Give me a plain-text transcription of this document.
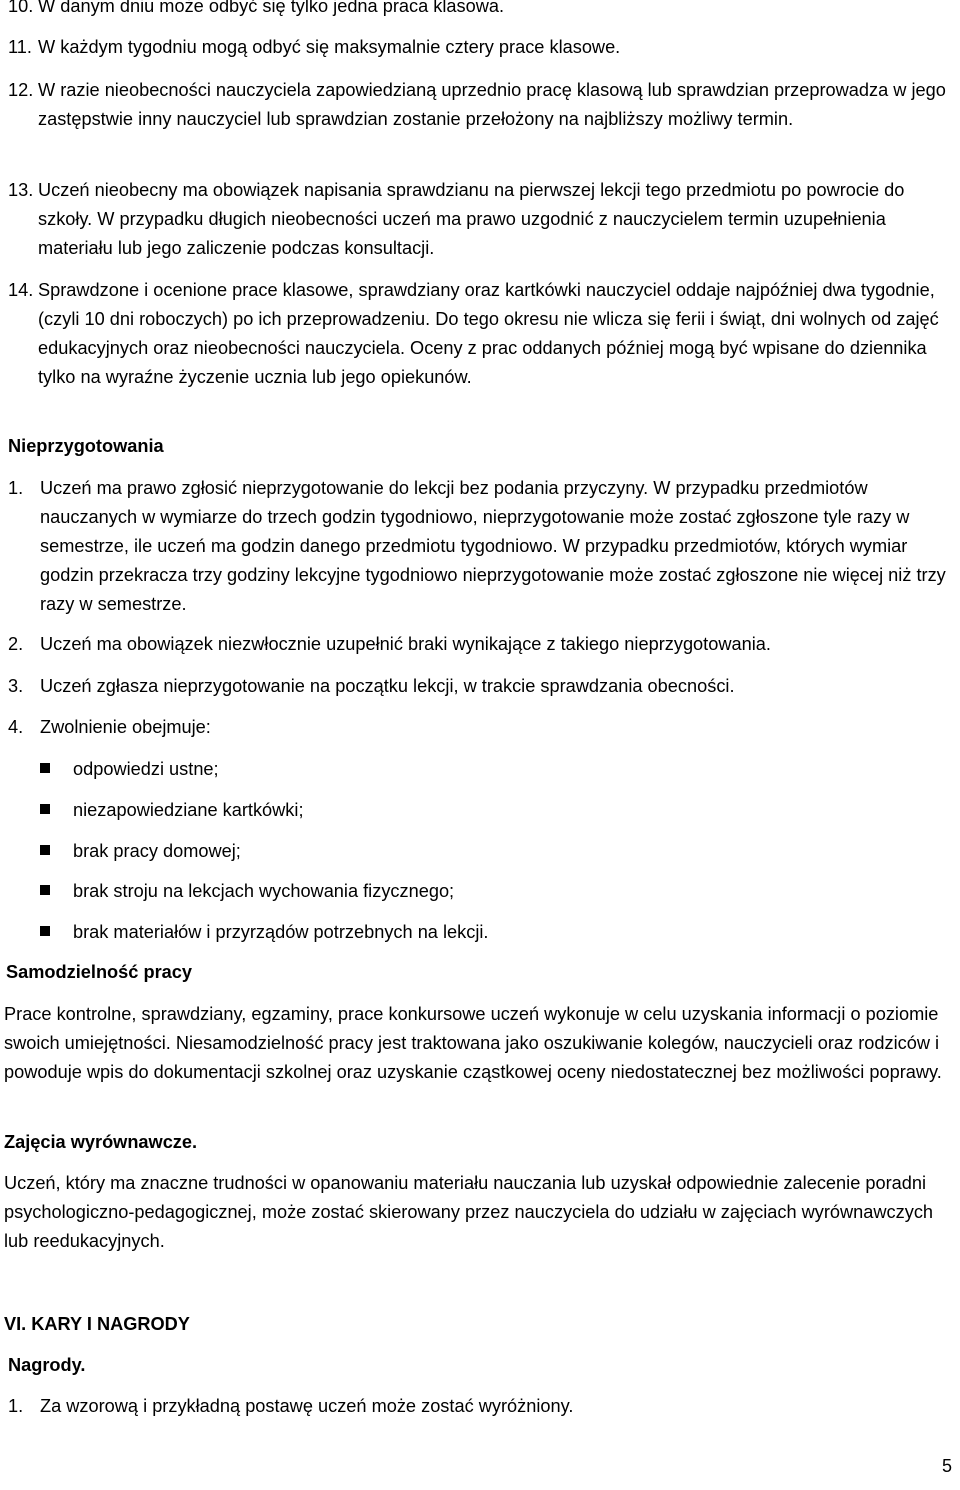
10. W danym dniu może odbyć się tylko jedna praca klasowa.
11. W każdym tygodniu mogą odbyć się maksymalnie cztery prace klasowe.
12. W razie nieobecności nauczyciela zapowiedzianą uprzednio pracę klasową lub sprawdzian przeprowadza w jego zastępstwie inny nauczyciel lub sprawdzian zostanie przełożony na najbliższy możliwy termin.
13. Uczeń nieobecny ma obowiązek napisania sprawdzianu na pierwszej lekcji tego przedmiotu po powrocie do szkoły. W przypadku długich nieobecności uczeń ma prawo uzgodnić z nauczycielem termin uzupełnienia materiału lub jego zaliczenie podczas konsultacji.
14. Sprawdzone i ocenione prace klasowe, sprawdziany oraz kartkówki nauczyciel oddaje najpóźniej dwa tygodnie, (czyli 10 dni roboczych) po ich przeprowadzeniu. Do tego okresu nie wlicza się ferii i świąt, dni wolnych od zajęć edukacyjnych oraz nieobecności nauczyciela. Oceny z prac oddanych później mogą być wpisane do dziennika tylko na wyraźne życzenie ucznia lub jego opiekunów.
Nieprzygotowania
1. Uczeń ma prawo zgłosić nieprzygotowanie do lekcji bez podania przyczyny. W przypadku przedmiotów nauczanych w wymiarze do trzech godzin tygodniowo, nieprzygotowanie może zostać zgłoszone tyle razy w semestrze, ile uczeń ma godzin danego przedmiotu tygodniowo. W przypadku przedmiotów, których wymiar godzin przekracza trzy godziny lekcyjne tygodniowo nieprzygotowanie może zostać zgłoszone nie więcej niż trzy razy w semestrze.
2. Uczeń ma obowiązek niezwłocznie uzupełnić braki wynikające z takiego nieprzygotowania.
3. Uczeń zgłasza nieprzygotowanie na początku lekcji, w trakcie sprawdzania obecności.
4. Zwolnienie obejmuje:
odpowiedzi ustne;
niezapowiedziane kartkówki;
brak pracy domowej;
brak stroju na lekcjach wychowania fizycznego;
brak materiałów i przyrządów potrzebnych na lekcji.
Samodzielność pracy
Prace kontrolne, sprawdziany, egzaminy, prace konkursowe uczeń wykonuje w celu uzyskania informacji o poziomie swoich umiejętności. Niesamodzielność pracy jest traktowana jako oszukiwanie kolegów, nauczycieli oraz rodziców i powoduje wpis do dokumentacji szkolnej oraz uzyskanie cząstkowej oceny niedostatecznej bez możliwości poprawy.
Zajęcia wyrównawcze.
Uczeń, który ma znaczne trudności w opanowaniu materiału nauczania lub uzyskał odpowiednie zalecenie poradni psychologiczno-pedagogicznej, może zostać skierowany przez nauczyciela do udziału w zajęciach wyrównawczych lub reedukacyjnych.
VI. KARY I NAGRODY
Nagrody.
1. Za wzorową i przykładną postawę uczeń może zostać wyróżniony.
5
